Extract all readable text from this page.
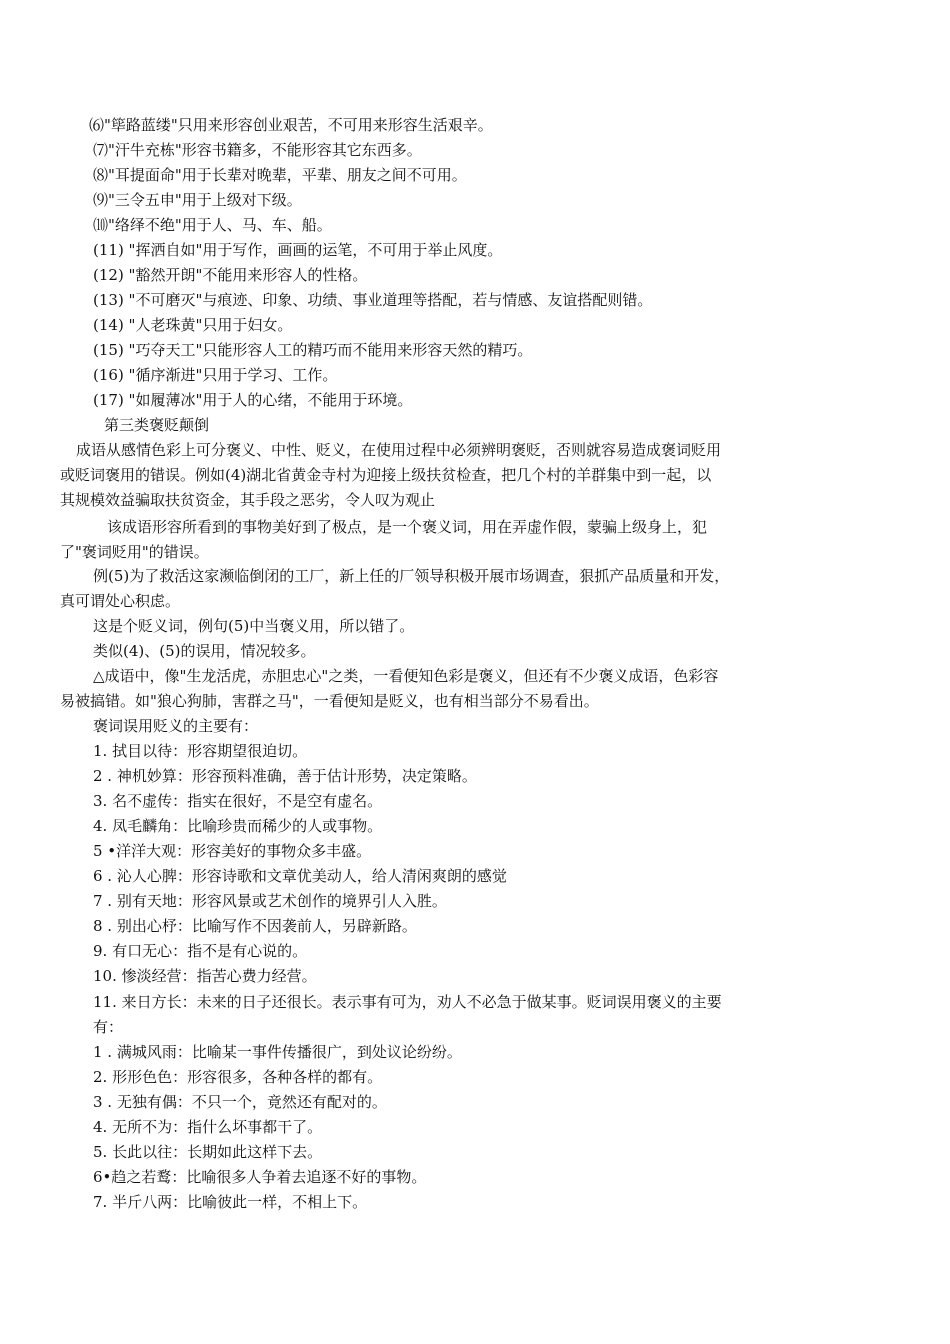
⑹"筚路蓝缕"只用来形容创业艰苦，不可用来形容生活艰辛。
⑺"汗牛充栋"形容书籍多，不能形容其它东西多。
⑻"耳提面命"用于长辈对晚辈，平辈、朋友之间不可用。
⑼"三令五申"用于上级对下级。
⑽"络绎不绝"用于人、马、车、船。
(11) "挥洒自如"用于写作，画画的运笔，不可用于举止风度。
(12) "豁然开朗"不能用来形容人的性格。
(13) "不可磨灭"与痕迹、印象、功绩、事业道理等搭配，若与情感、友谊搭配则错。
(14) "人老珠黄"只用于妇女。
(15) "巧夺天工"只能形容人工的精巧而不能用来形容天然的精巧。
(16) "循序渐进"只用于学习、工作。
(17) "如履薄冰"用于人的心绪，不能用于环境。
第三类褒贬颠倒
成语从感情色彩上可分褒义、中性、贬义，在使用过程中必须辨明褒贬，否则就容易造成褒词贬用
或贬词褒用的错误。例如(4)湖北省黄金寺村为迎接上级扶贫检查，把几个村的羊群集中到一起，以
其规模效益骗取扶贫资金，其手段之恶劣，令人叹为观止
该成语形容所看到的事物美好到了极点，是一个褒义词，用在弄虚作假，蒙骗上级身上，犯
了"褒词贬用"的错误。
例(5)为了救活这家濒临倒闭的工厂，新上任的厂领导积极开展市场调查，狠抓产品质量和开发，
真可谓处心积虑。
这是个贬义词，例句(5)中当褒义用，所以错了。
类似(4)、(5)的误用，情况较多。
△成语中，像"生龙活虎，赤胆忠心"之类，一看便知色彩是褒义，但还有不少褒义成语，色彩容
易被搞错。如"狼心狗肺，害群之马"，一看便知是贬义，也有相当部分不易看出。
褒词误用贬义的主要有：
1. 拭目以待：形容期望很迫切。
2 . 神机妙算：形容预料准确，善于估计形势，决定策略。
3. 名不虚传：指实在很好，不是空有虚名。
4. 凤毛麟角：比喻珍贵而稀少的人或事物。
5 •洋洋大观：形容美好的事物众多丰盛。
6 . 沁人心脾：形容诗歌和文章优美动人，给人清闲爽朗的感觉
7 . 别有天地：形容风景或艺术创作的境界引人入胜。
8 . 别出心杼：比喻写作不因袭前人，另辟新路。
9. 有口无心：指不是有心说的。
10. 惨淡经营：指苦心费力经营。
11. 来日方长：未来的日子还很长。表示事有可为，劝人不必急于做某事。贬词误用褒义的主要
有：
1 . 满城风雨：比喻某一事件传播很广，到处议论纷纷。
2. 形形色色：形容很多，各种各样的都有。
3 . 无独有偶：不只一个，竟然还有配对的。
4. 无所不为：指什么坏事都干了。
5. 长此以往：长期如此这样下去。
6•趋之若鹜：比喻很多人争着去追逐不好的事物。
7. 半斤八两：比喻彼此一样，不相上下。
